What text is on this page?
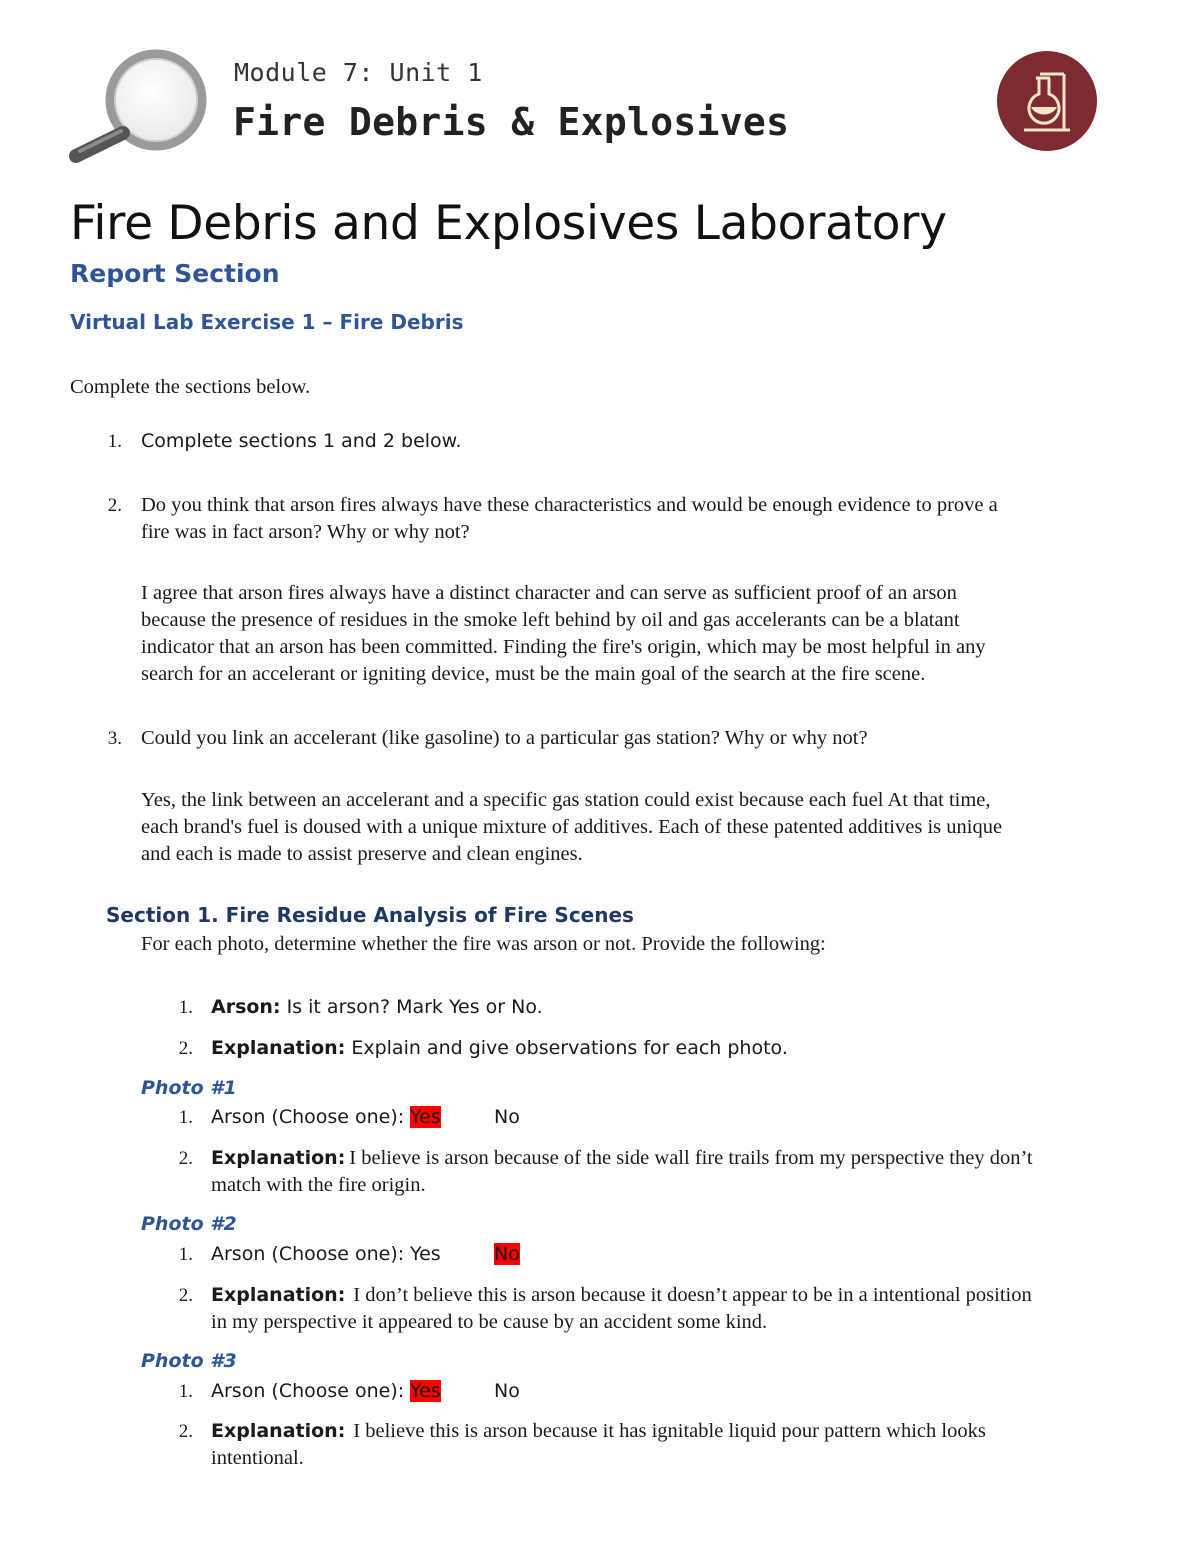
Module 7: Unit 1
Fire Debris & Explosives
Fire Debris and Explosives Laboratory
Report Section
Virtual Lab Exercise 1 – Fire Debris
Complete the sections below.
1. Complete sections 1 and 2 below.
2. Do you think that arson fires always have these characteristics and would be enough evidence to prove a
fire was in fact arson? Why or why not?
I agree that arson fires always have a distinct character and can serve as sufficient proof of an arson
because the presence of residues in the smoke left behind by oil and gas accelerants can be a blatant
indicator that an arson has been committed. Finding the fire's origin, which may be most helpful in any
search for an accelerant or igniting device, must be the main goal of the search at the fire scene.
3. Could you link an accelerant (like gasoline) to a particular gas station? Why or why not?
Yes, the link between an accelerant and a specific gas station could exist because each fuel At that time,
each brand's fuel is doused with a unique mixture of additives. Each of these patented additives is unique
and each is made to assist preserve and clean engines.
Section 1. Fire Residue Analysis of Fire Scenes
For each photo, determine whether the fire was arson or not. Provide the following:
1. Arson: Is it arson? Mark Yes or No.
2. Explanation: Explain and give observations for each photo.
Photo #1
1. Arson (Choose one): Yes	No
2. Explanation: I believe is arson because of the side wall fire trails from my perspective they don’t
match with the fire origin.
Photo #2
1. Arson (Choose one): Yes	No
2. Explanation: I don’t believe this is arson because it doesn’t appear to be in a intentional position
in my perspective it appeared to be cause by an accident some kind.
Photo #3
1. Arson (Choose one): Yes	No
2. Explanation: I believe this is arson because it has ignitable liquid pour pattern which looks
intentional.
